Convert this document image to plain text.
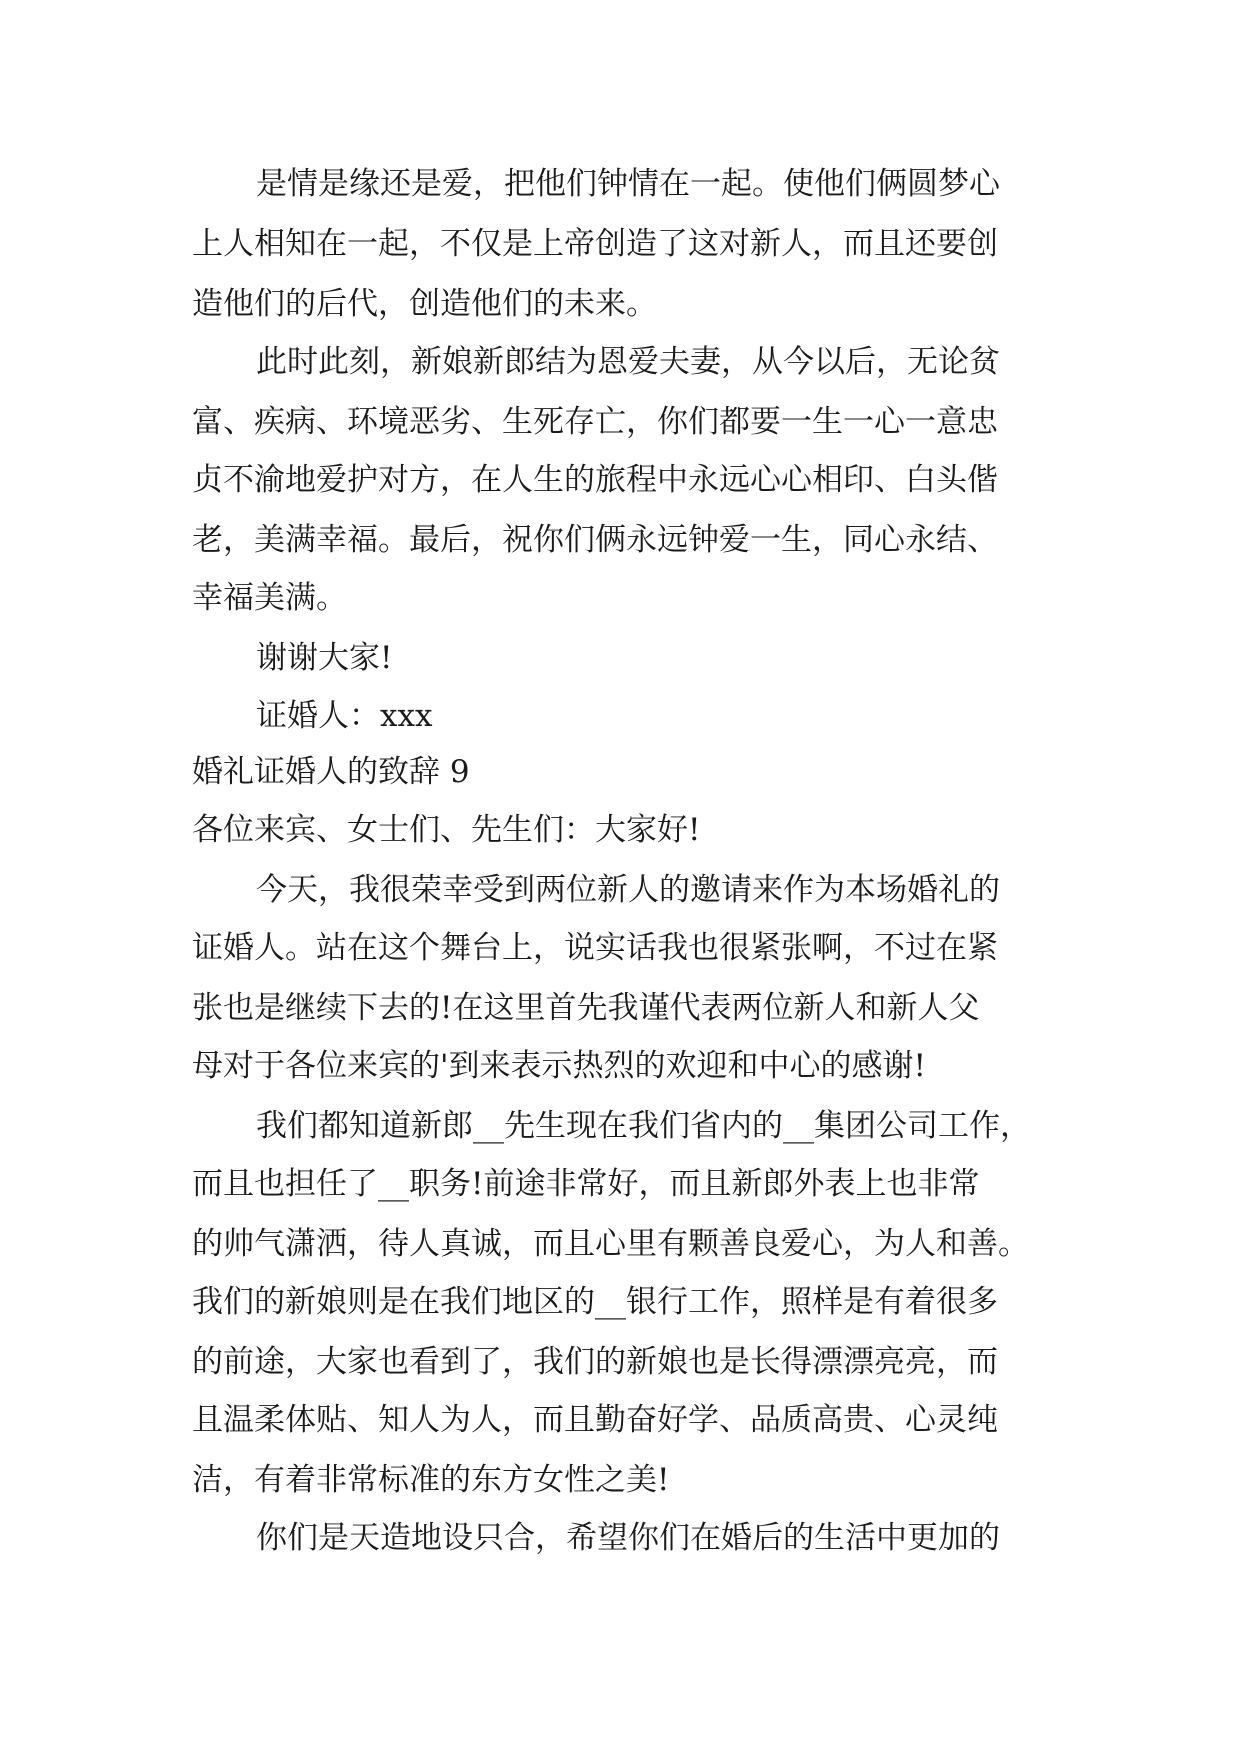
是情是缘还是爱，把他们钟情在一起。使他们俩圆梦心
上人相知在一起，不仅是上帝创造了这对新人，而且还要创
造他们的后代，创造他们的未来。
此时此刻，新娘新郎结为恩爱夫妻，从今以后，无论贫
富、疾病、环境恶劣、生死存亡，你们都要一生一心一意忠
贞不渝地爱护对方，在人生的旅程中永远心心相印、白头偕
老，美满幸福。最后，祝你们俩永远钟爱一生，同心永结、
幸福美满。
谢谢大家!
证婚人：xxx
婚礼证婚人的致辞 9
各位来宾、女士们、先生们：大家好!
今天，我很荣幸受到两位新人的邀请来作为本场婚礼的
证婚人。站在这个舞台上，说实话我也很紧张啊，不过在紧
张也是继续下去的!在这里首先我谨代表两位新人和新人父
母对于各位来宾的'到来表示热烈的欢迎和中心的感谢!
我们都知道新郎__先生现在我们省内的__集团公司工作，
而且也担任了__职务!前途非常好，而且新郎外表上也非常
的帅气潇洒，待人真诚，而且心里有颗善良爱心，为人和善。
我们的新娘则是在我们地区的__银行工作，照样是有着很多
的前途，大家也看到了，我们的新娘也是长得漂漂亮亮，而
且温柔体贴、知人为人，而且勤奋好学、品质高贵、心灵纯
洁，有着非常标准的东方女性之美!
你们是天造地设只合，希望你们在婚后的生活中更加的
